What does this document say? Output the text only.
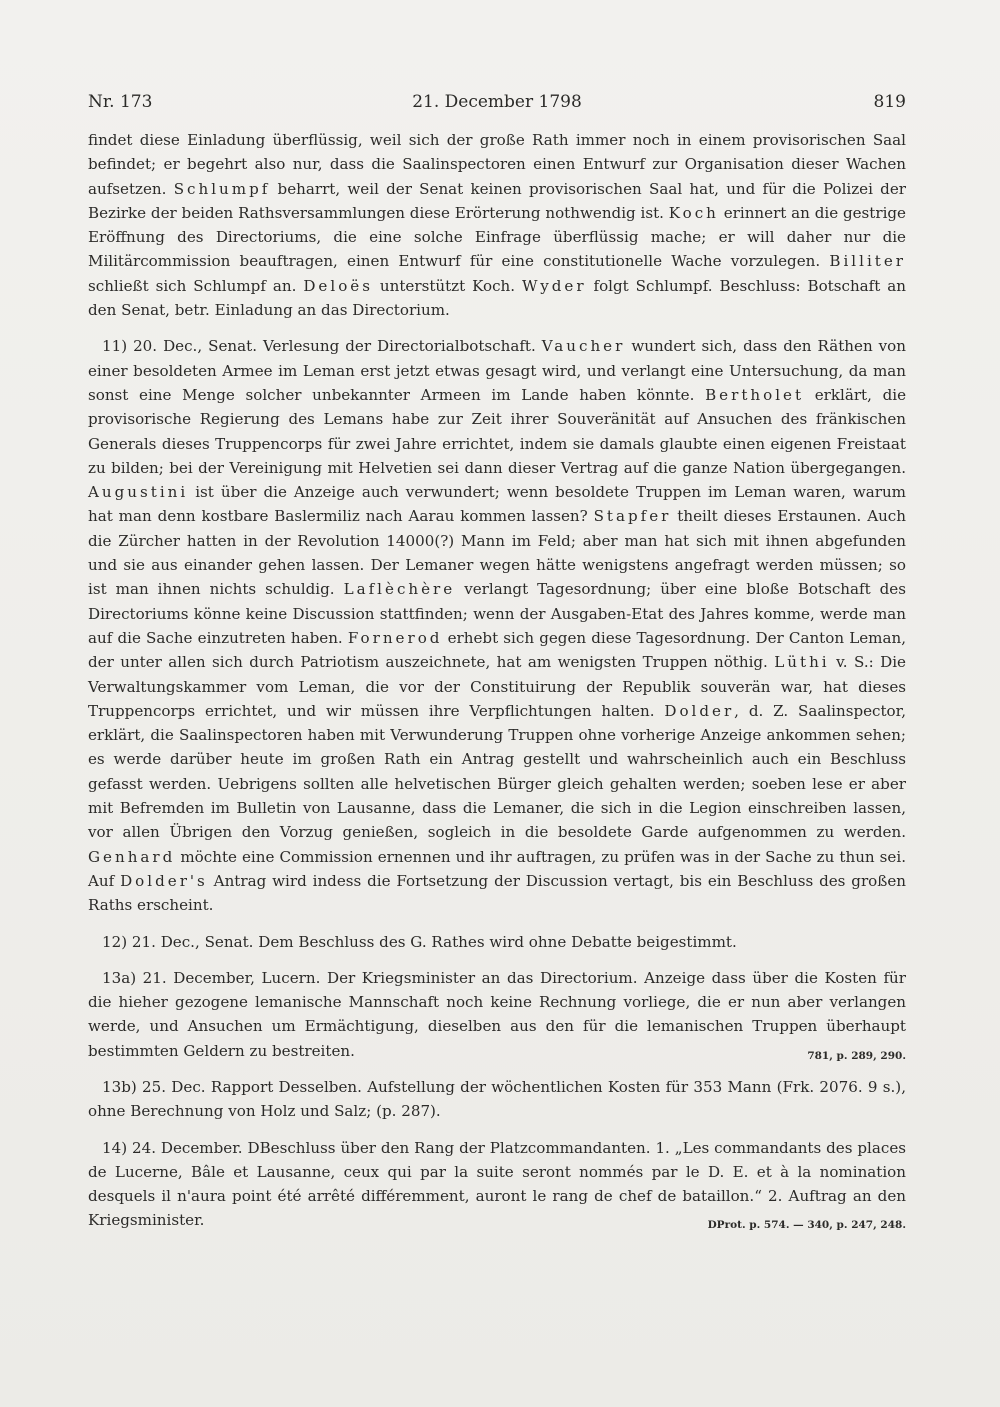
Nr. 173	21. December 1798	819

findet diese Einladung überflüssig, weil sich der große Rath immer noch in einem provisorischen Saal befindet; er begehrt also nur, dass die Saalinspectoren einen Entwurf zur Organisation dieser Wachen aufsetzen. Schlumpf beharrt, weil der Senat keinen provisorischen Saal hat, und für die Polizei der Bezirke der beiden Rathsversammlungen diese Erörterung nothwendig ist. Koch erinnert an die gestrige Eröffnung des Directoriums, die eine solche Einfrage überflüssig mache; er will daher nur die Militärcommission beauftragen, einen Entwurf für eine constitutionelle Wache vorzulegen. Billiter schließt sich Schlumpf an. Deloës unterstützt Koch. Wyder folgt Schlumpf. Beschluss: Botschaft an den Senat, betr. Einladung an das Directorium.

11) 20. Dec., Senat. Verlesung der Directorialbotschaft. Vaucher wundert sich, dass den Räthen von einer besoldeten Armee im Leman erst jetzt etwas gesagt wird, und verlangt eine Untersuchung, da man sonst eine Menge solcher unbekannter Armeen im Lande haben könnte. Bertholet erklärt, die provisorische Regierung des Lemans habe zur Zeit ihrer Souveränität auf Ansuchen des fränkischen Generals dieses Truppencorps für zwei Jahre errichtet, indem sie damals glaubte einen eigenen Freistaat zu bilden; bei der Vereinigung mit Helvetien sei dann dieser Vertrag auf die ganze Nation übergegangen. Augustini ist über die Anzeige auch verwundert; wenn besoldete Truppen im Leman waren, warum hat man denn kostbare Baslermiliz nach Aarau kommen lassen? Stapfer theilt dieses Erstaunen. Auch die Zürcher hatten in der Revolution 14000(?) Mann im Feld; aber man hat sich mit ihnen abgefunden und sie aus einander gehen lassen. Der Lemaner wegen hätte wenigstens angefragt werden müssen; so ist man ihnen nichts schuldig. Laflèchère verlangt Tagesordnung; über eine bloße Botschaft des Directoriums könne keine Discussion stattfinden; wenn der Ausgaben-Etat des Jahres komme, werde man auf die Sache einzutreten haben. Fornerod erhebt sich gegen diese Tagesordnung. Der Canton Leman, der unter allen sich durch Patriotism auszeichnete, hat am wenigsten Truppen nöthig. Lüthi v. S.: Die Verwaltungskammer vom Leman, die vor der Constituirung der Republik souverän war, hat dieses Truppencorps errichtet, und wir müssen ihre Verpflichtungen halten. Dolder, d. Z. Saalinspector, erklärt, die Saalinspectoren haben mit Verwunderung Truppen ohne vorherige Anzeige ankommen sehen; es werde darüber heute im großen Rath ein Antrag gestellt und wahrscheinlich auch ein Beschluss gefasst werden. Uebrigens sollten alle helvetischen Bürger gleich gehalten werden; soeben lese er aber mit Befremden im Bulletin von Lausanne, dass die Lemaner, die sich in die Legion einschreiben lassen, vor allen Übrigen den Vorzug genießen, sogleich in die besoldete Garde aufgenommen zu werden. Genhard möchte eine Commission ernennen und ihr auftragen, zu prüfen was in der Sache zu thun sei. Auf Dolder's Antrag wird indess die Fortsetzung der Discussion vertagt, bis ein Beschluss des großen Raths erscheint.

12) 21. Dec., Senat. Dem Beschluss des G. Rathes wird ohne Debatte beigestimmt.

13a) 21. December, Lucern. Der Kriegsminister an das Directorium. Anzeige dass über die Kosten für die hieher gezogene lemanische Mannschaft noch keine Rechnung vorliege, die er nun aber verlangen werde, und Ansuchen um Ermächtigung, dieselben aus den für die lemanischen Truppen überhaupt bestimmten Geldern zu bestreiten.	781, p. 289, 290.

13b) 25. Dec. Rapport Desselben. Aufstellung der wöchentlichen Kosten für 353 Mann (Frk. 2076. 9 s.), ohne Berechnung von Holz und Salz; (p. 287).

14) 24. December. DBeschluss über den Rang der Platzcommandanten. 1. „Les commandants des places de Lucerne, Bâle et Lausanne, ceux qui par la suite seront nommés par le D. E. et à la nomination desquels il n'aura point été arrêté différemment, auront le rang de chef de bataillon.“ 2. Auftrag an den Kriegsminister.	DProt. p. 574. — 340, p. 247, 248.
